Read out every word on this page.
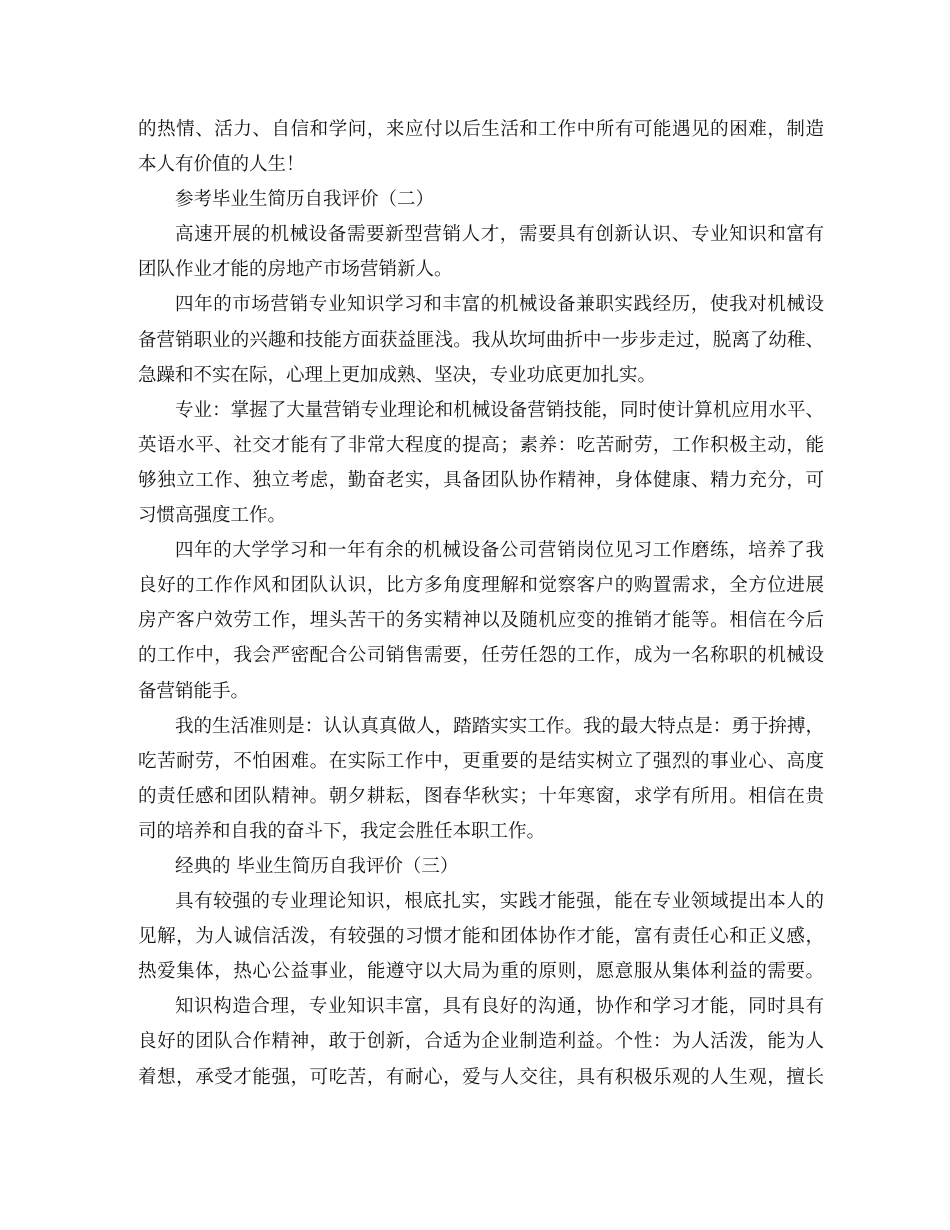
的热情、活力、自信和学问，来应付以后生活和工作中所有可能遇见的困难，制造
本人有价值的人生！
参考毕业生简历自我评价（二）
高速开展的机械设备需要新型营销人才，需要具有创新认识、专业知识和富有
团队作业才能的房地产市场营销新人。
四年的市场营销专业知识学习和丰富的机械设备兼职实践经历，使我对机械设
备营销职业的兴趣和技能方面获益匪浅。我从坎坷曲折中一步步走过，脱离了幼稚、
急躁和不实在际，心理上更加成熟、坚决，专业功底更加扎实。
专业：掌握了大量营销专业理论和机械设备营销技能，同时使计算机应用水平、
英语水平、社交才能有了非常大程度的提高；素养：吃苦耐劳，工作积极主动，能
够独立工作、独立考虑，勤奋老实，具备团队协作精神，身体健康、精力充分，可
习惯高强度工作。
四年的大学学习和一年有余的机械设备公司营销岗位见习工作磨练，培养了我
良好的工作作风和团队认识，比方多角度理解和觉察客户的购置需求，全方位进展
房产客户效劳工作，埋头苦干的务实精神以及随机应变的推销才能等。相信在今后
的工作中，我会严密配合公司销售需要，任劳任怨的工作，成为一名称职的机械设
备营销能手。
我的生活准则是：认认真真做人，踏踏实实工作。我的最大特点是：勇于拚搏，
吃苦耐劳，不怕困难。在实际工作中，更重要的是结实树立了强烈的事业心、高度
的责任感和团队精神。朝夕耕耘，图春华秋实；十年寒窗，求学有所用。相信在贵
司的培养和自我的奋斗下，我定会胜任本职工作。
经典的 毕业生简历自我评价（三）
具有较强的专业理论知识，根底扎实，实践才能强，能在专业领域提出本人的
见解，为人诚信活泼，有较强的习惯才能和团体协作才能，富有责任心和正义感，
热爱集体，热心公益事业，能遵守以大局为重的原则，愿意服从集体利益的需要。
知识构造合理，专业知识丰富，具有良好的沟通，协作和学习才能，同时具有
良好的团队合作精神，敢于创新，合适为企业制造利益。个性：为人活泼，能为人
着想，承受才能强，可吃苦，有耐心，爱与人交往，具有积极乐观的人生观，擅长
